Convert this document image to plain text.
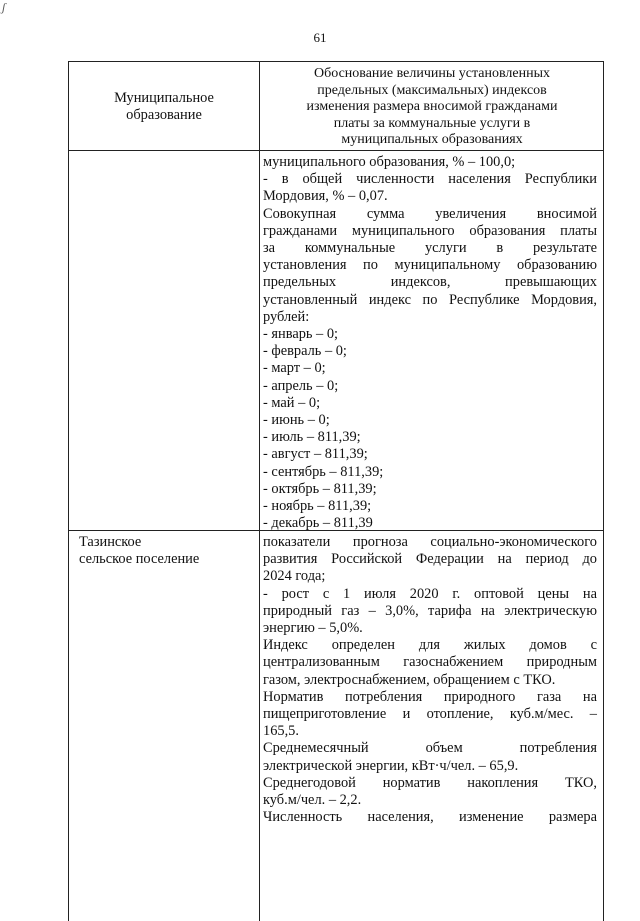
ʃ
61
Муниципальное
образование
Обоснование величины установленных
предельных (максимальных) индексов
изменения размера вносимой гражданами
платы за коммунальные услуги в
муниципальных образованиях
муниципального образования, % – 100,0;
- в общей численности населения Республики
Мордовия, % – 0,07.
Совокупная сумма увеличения вносимой
гражданами муниципального образования платы
за коммунальные услуги в результате
установления по муниципальному образованию
предельных индексов, превышающих
установленный индекс по Республике Мордовия,
рублей:
- январь – 0;
- февраль – 0;
- март – 0;
- апрель – 0;
- май – 0;
- июнь – 0;
- июль – 811,39;
- август – 811,39;
- сентябрь – 811,39;
- октябрь – 811,39;
- ноябрь – 811,39;
- декабрь – 811,39
Тазинское
сельское поселение
показатели прогноза социально-экономического
развития Российской Федерации на период до
2024 года;
- рост с 1 июля 2020 г. оптовой цены на
природный газ – 3,0%, тарифа на электрическую
энергию – 5,0%.
Индекс определен для жилых домов с
централизованным газоснабжением природным
газом, электроснабжением, обращением с ТКО.
Норматив потребления природного газа на
пищеприготовление и отопление, куб.м/мес. –
165,5.
Среднемесячный объем потребления
электрической энергии, кВт·ч/чел. – 65,9.
Среднегодовой норматив накопления ТКО,
куб.м/чел. – 2,2.
Численность населения, изменение размера
